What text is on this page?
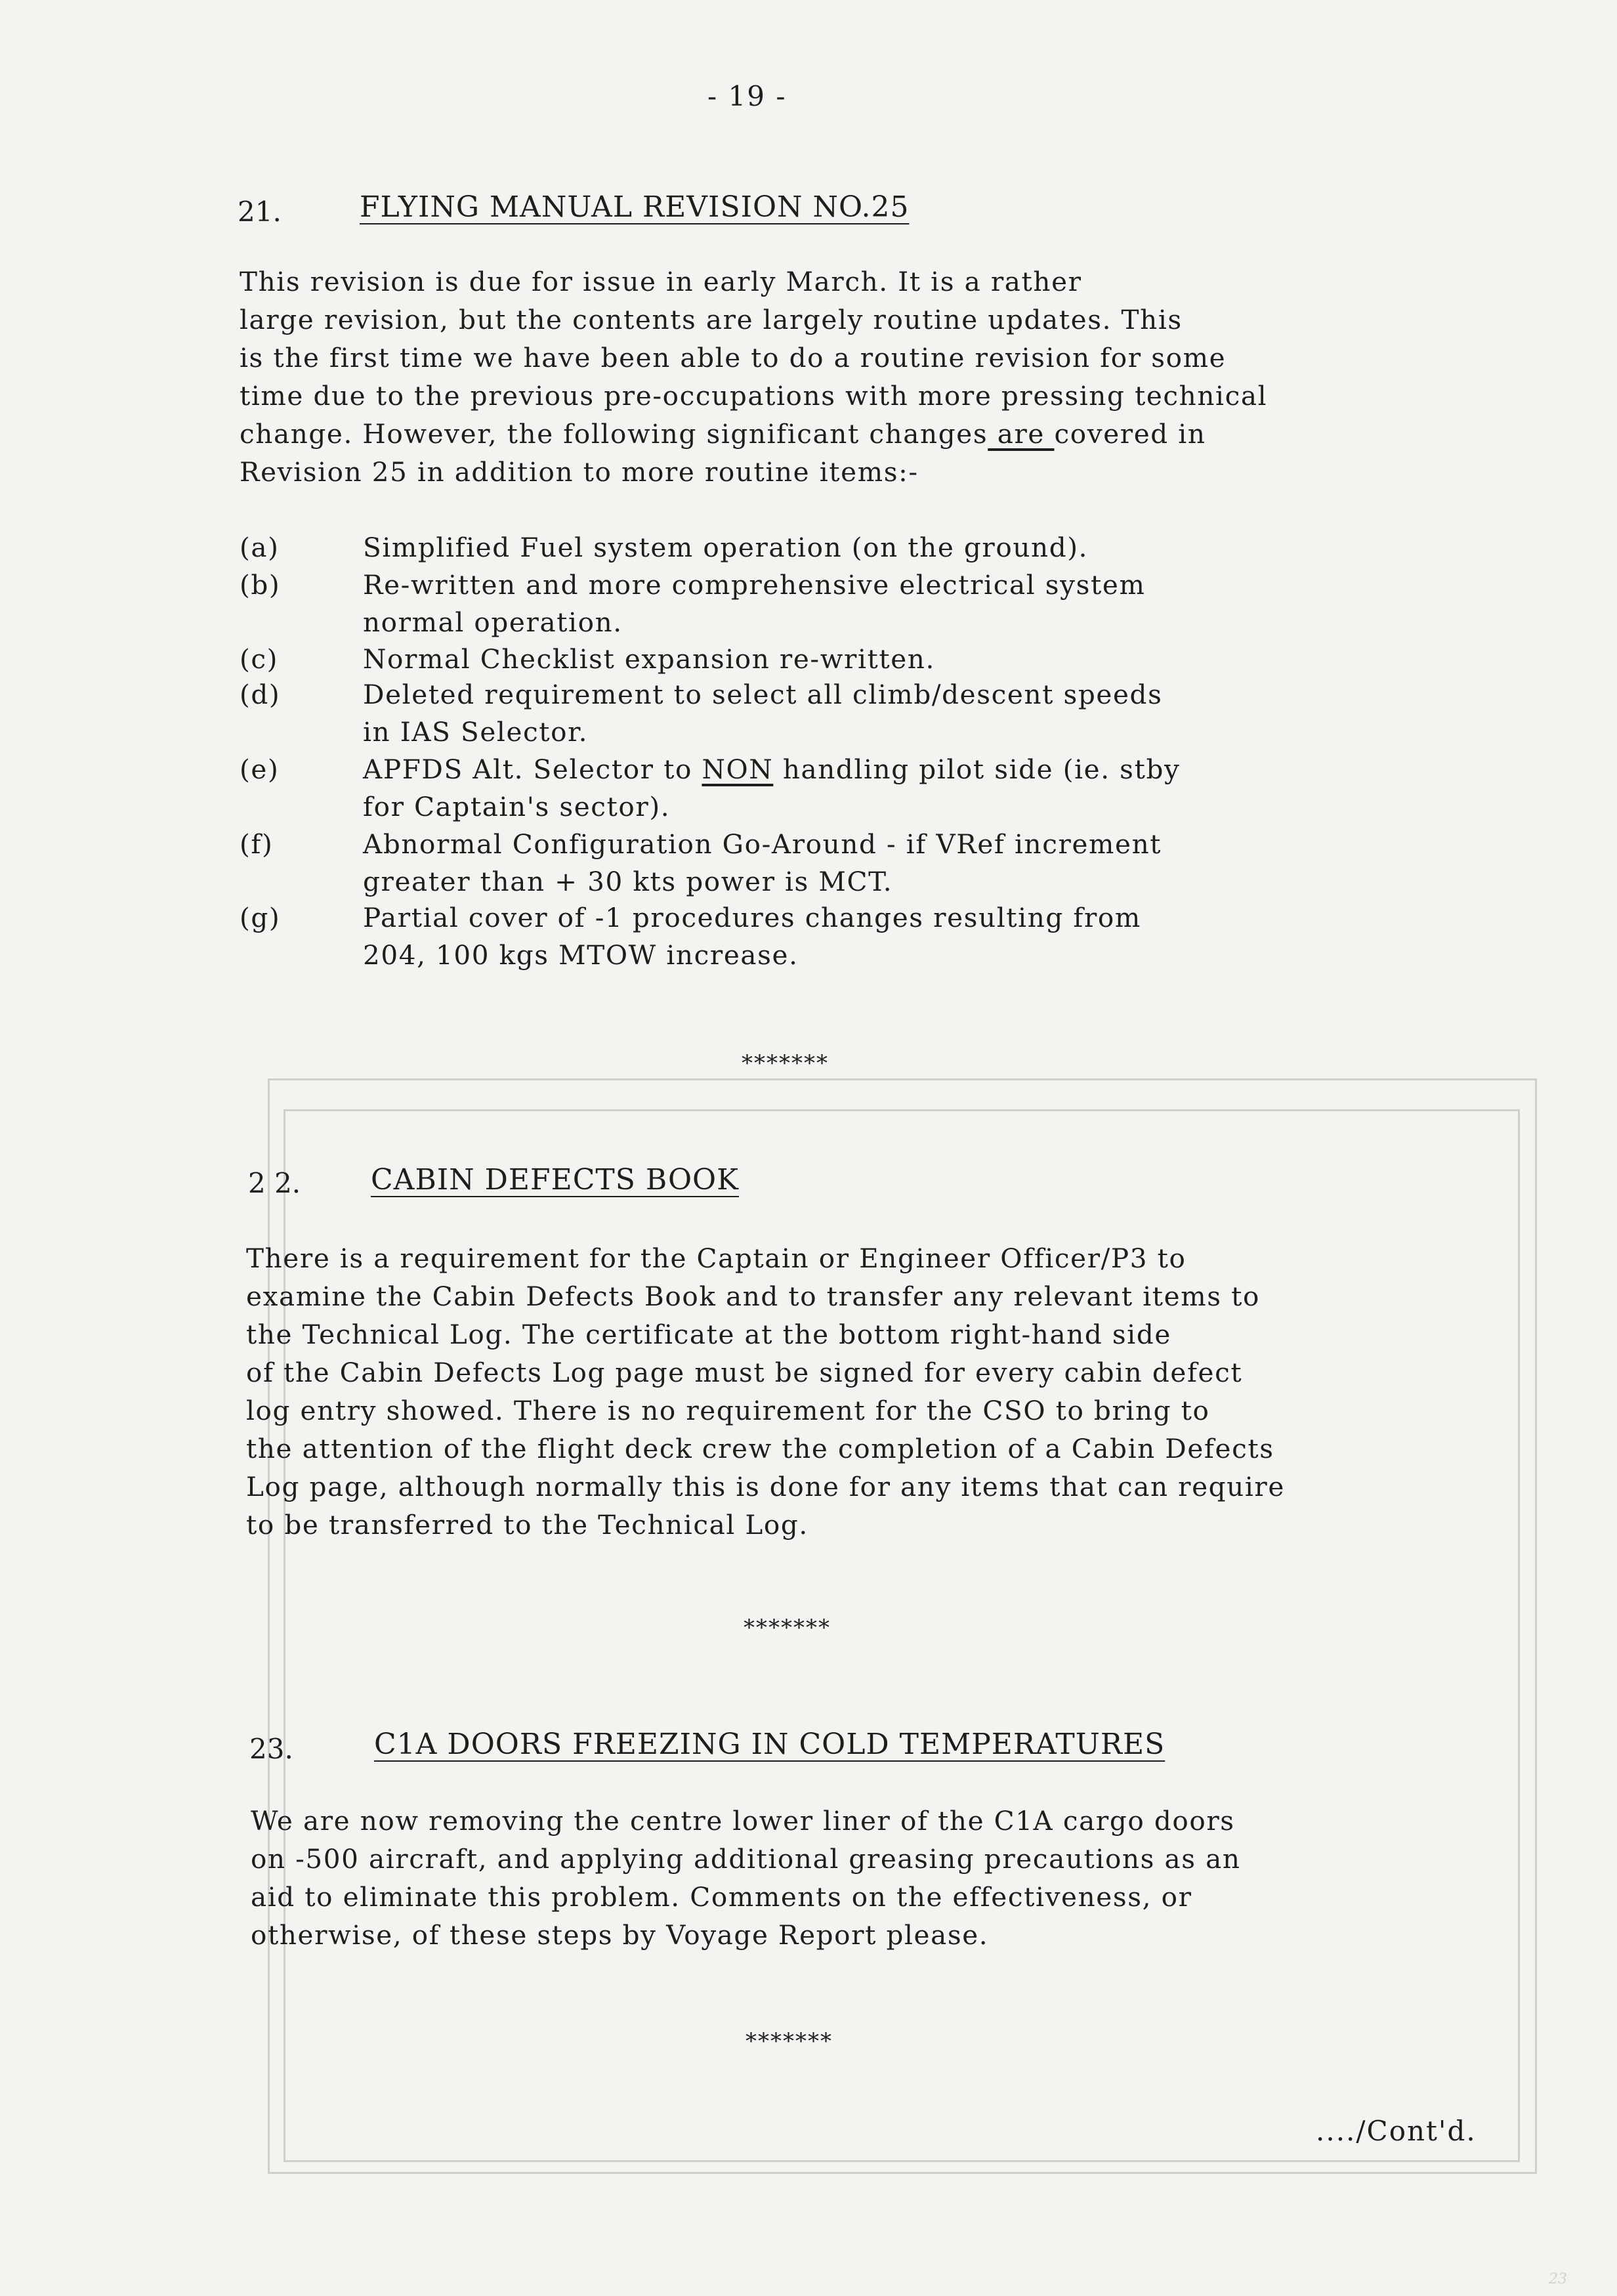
- 19 -
21.	FLYING MANUAL REVISION NO.25
This revision is due for issue in early March. It is a rather
large revision, but the contents are largely routine updates. This
is the first time we have been able to do a routine revision for some
time due to the previous pre-occupations with more pressing technical
change. However, the following significant changes are covered in
Revision 25 in addition to more routine items:-
(a)	Simplified Fuel system operation (on the ground).
(b)	Re-written and more comprehensive electrical system
normal operation.
(c)	Normal Checklist expansion re-written.
(d)	Deleted requirement to select all climb/descent speeds
in IAS Selector.
(e)	APFDS Alt. Selector to NON handling pilot side (ie. stby
for Captain's sector).
(f)	Abnormal Configuration Go-Around - if VRef increment
greater than + 30 kts power is MCT.
(g)	Partial cover of -1 procedures changes resulting from
204, 100 kgs MTOW increase.
*******
2 2. CABIN DEFECTS BOOK
There is a requirement for the Captain or Engineer Officer/P3 to
examine the Cabin Defects Book and to transfer any relevant items to
the Technical Log. The certificate at the bottom right-hand side
of the Cabin Defects Log page must be signed for every cabin defect
log entry showed. There is no requirement for the CSO to bring to
the attention of the flight deck crew the completion of a Cabin Defects
Log page, although normally this is done for any items that can require
to be transferred to the Technical Log.
*******
23.	C1A DOORS FREEZING IN COLD TEMPERATURES
We are now removing the centre lower liner of the C1A cargo doors
on -500 aircraft, and applying additional greasing precautions as an
aid to eliminate this problem. Comments on the effectiveness, or
otherwise, of these steps by Voyage Report please.
*******
..../Cont'd.
23
